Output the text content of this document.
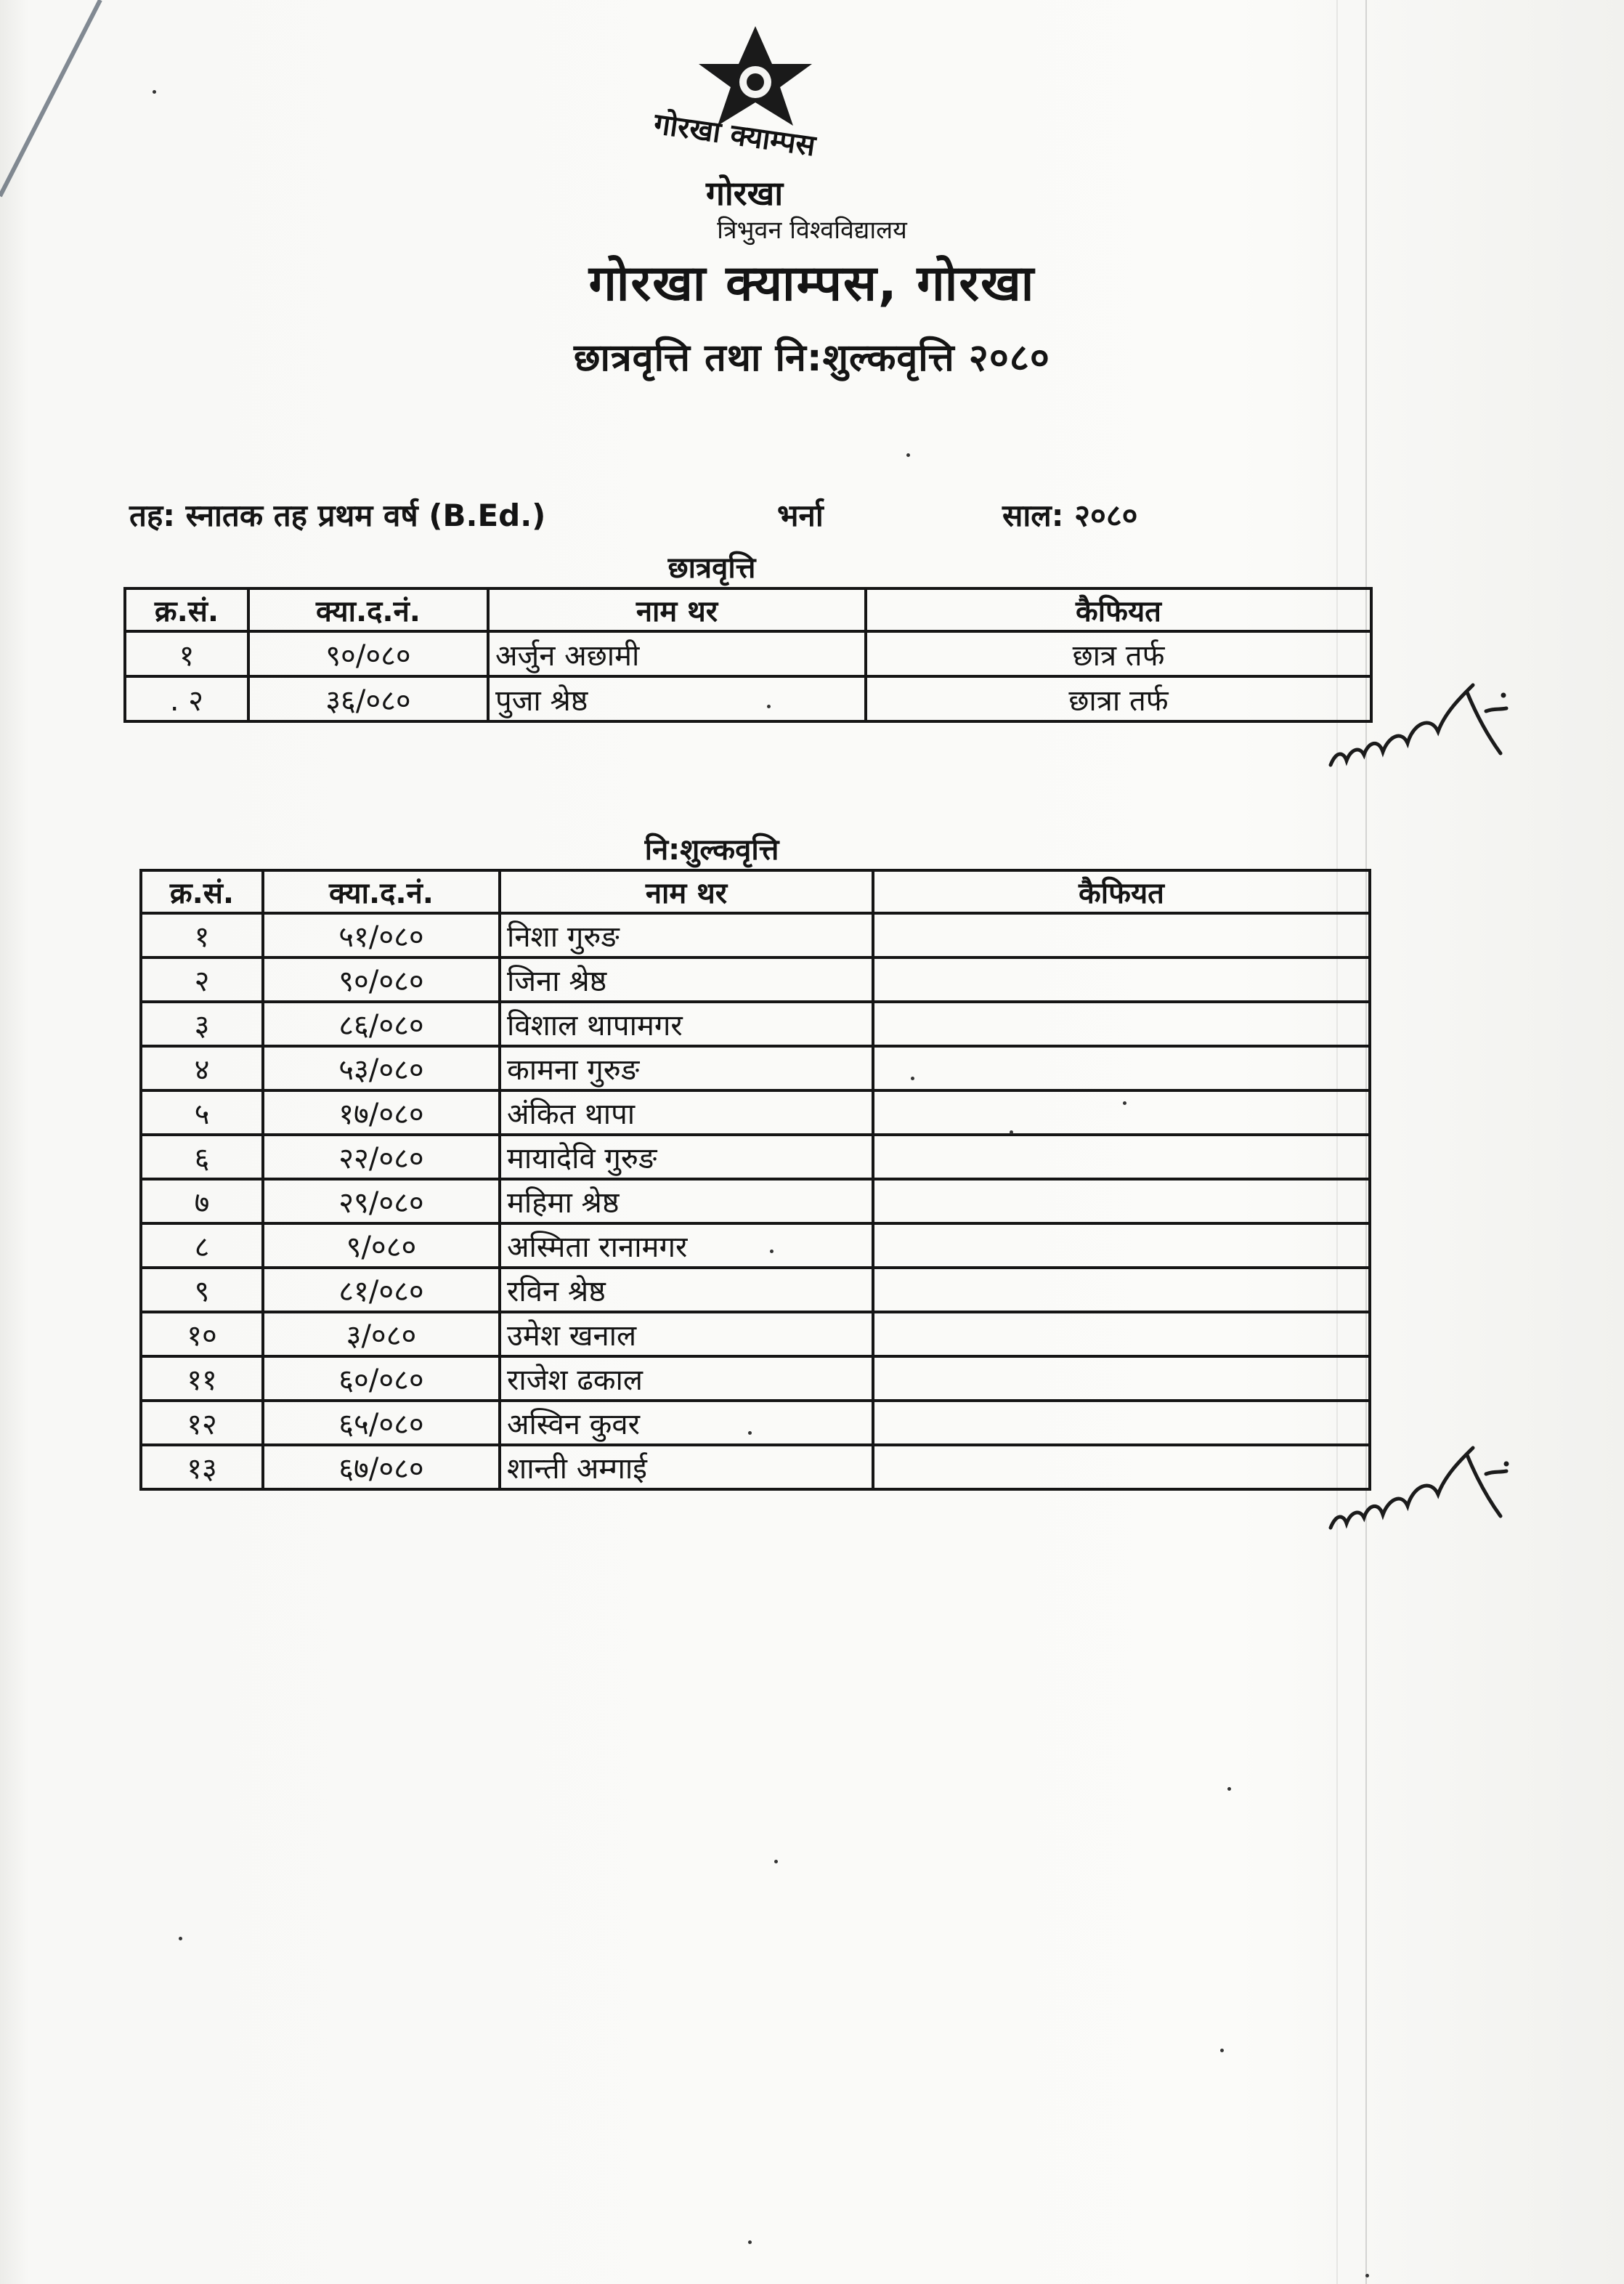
गोरखा क्याम्पस
गोरखा
त्रिभुवन विश्वविद्यालय
गोरखा क्याम्पस, गोरखा
छात्रवृत्ति तथा नि:शुल्कवृत्ति २०८०
तह: स्नातक तह प्रथम वर्ष (B.Ed.)	भर्ना	साल: २०८०
छात्रवृत्ति
क्र.सं.	क्या.द.नं.	नाम थर	कैफियत
१	९०/०८०	अर्जुन अछामी	छात्र तर्फ
. २	३६/०८०	पुजा श्रेष्ठ	छात्रा तर्फ
नि:शुल्कवृत्ति
क्र.सं.	क्या.द.नं.	नाम थर	कैफियत
१	५१/०८०	निशा गुरुङ	
२	९०/०८०	जिना श्रेष्ठ	
३	८६/०८०	विशाल थापामगर	
४	५३/०८०	कामना गुरुङ	
५	१७/०८०	अंकित थापा	
६	२२/०८०	मायादेवि गुरुङ	
७	२९/०८०	महिमा श्रेष्ठ	
८	९/०८०	अस्मिता रानामगर	
९	८१/०८०	रविन श्रेष्ठ	
१०	३/०८०	उमेश खनाल	
११	६०/०८०	राजेश ढकाल	
१२	६५/०८०	अस्विन कुवर	
१३	६७/०८०	शान्ती अम्गाई	
